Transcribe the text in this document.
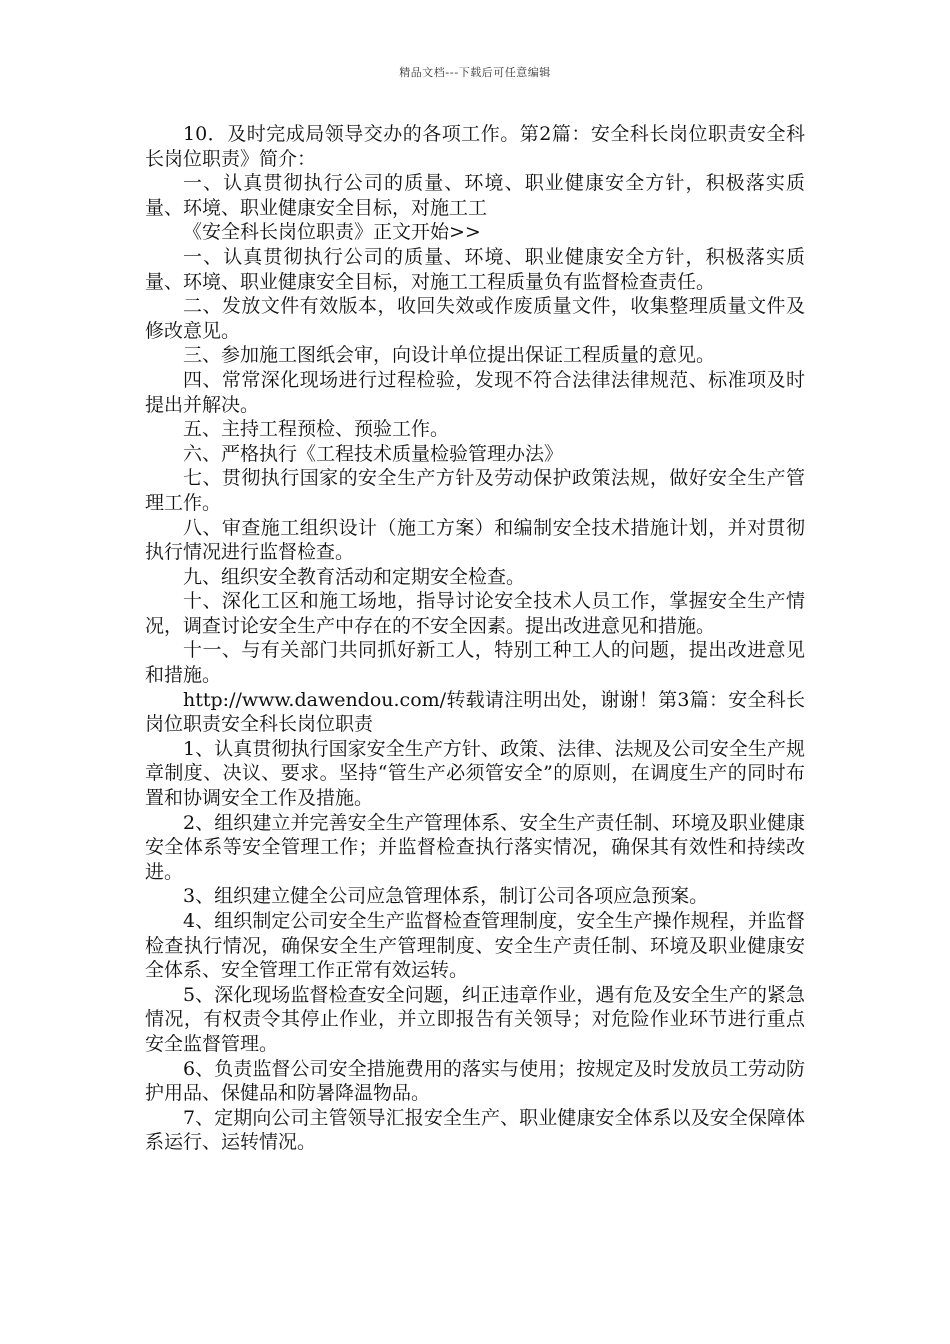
精品文档---下载后可任意编辑

10．及时完成局领导交办的各项工作。第2篇：安全科长岗位职责安全科长岗位职责》简介：

一、认真贯彻执行公司的质量、环境、职业健康安全方针，积极落实质量、环境、职业健康安全目标，对施工工

《安全科长岗位职责》正文开始>>

一、认真贯彻执行公司的质量、环境、职业健康安全方针，积极落实质量、环境、职业健康安全目标，对施工工程质量负有监督检查责任。

二、发放文件有效版本，收回失效或作废质量文件，收集整理质量文件及修改意见。

三、参加施工图纸会审，向设计单位提出保证工程质量的意见。

四、常常深化现场进行过程检验，发现不符合法律法律规范、标准项及时提出并解决。

五、主持工程预检、预验工作。

六、严格执行《工程技术质量检验管理办法》

七、贯彻执行国家的安全生产方针及劳动保护政策法规，做好安全生产管理工作。

八、审查施工组织设计（施工方案）和编制安全技术措施计划，并对贯彻执行情况进行监督检查。

九、组织安全教育活动和定期安全检查。

十、深化工区和施工场地，指导讨论安全技术人员工作，掌握安全生产情况，调查讨论安全生产中存在的不安全因素。提出改进意见和措施。

十一、与有关部门共同抓好新工人，特别工种工人的问题，提出改进意见和措施。

http://www.dawendou.com/转载请注明出处，谢谢！第3篇：安全科长岗位职责安全科长岗位职责

1、认真贯彻执行国家安全生产方针、政策、法律、法规及公司安全生产规章制度、决议、要求。坚持“管生产必须管安全”的原则，在调度生产的同时布置和协调安全工作及措施。

2、组织建立并完善安全生产管理体系、安全生产责任制、环境及职业健康安全体系等安全管理工作；并监督检查执行落实情况，确保其有效性和持续改进。

3、组织建立健全公司应急管理体系，制订公司各项应急预案。

4、组织制定公司安全生产监督检查管理制度，安全生产操作规程，并监督检查执行情况，确保安全生产管理制度、安全生产责任制、环境及职业健康安全体系、安全管理工作正常有效运转。

5、深化现场监督检查安全问题，纠正违章作业，遇有危及安全生产的紧急情况，有权责令其停止作业，并立即报告有关领导；对危险作业环节进行重点安全监督管理。

6、负责监督公司安全措施费用的落实与使用；按规定及时发放员工劳动防护用品、保健品和防暑降温物品。

7、定期向公司主管领导汇报安全生产、职业健康安全体系以及安全保障体系运行、运转情况。
